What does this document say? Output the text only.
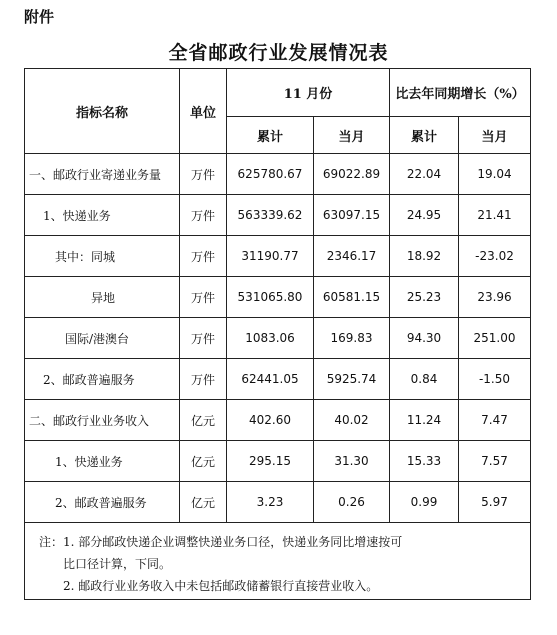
附件
全省邮政行业发展情况表
指标名称	单位	11 月份		比去年同期增长（%）	
		累计	当月	累计	当月
一、邮政行业寄递业务量	万件	625780.67	69022.89	22.04	19.04
1、快递业务	万件	563339.62	63097.15	24.95	21.41
其中：同城	万件	31190.77	2346.17	18.92	-23.02
异地	万件	531065.80	60581.15	25.23	23.96
国际/港澳台	万件	1083.06	169.83	94.30	251.00
2、邮政普遍服务	万件	62441.05	5925.74	0.84	-1.50
二、邮政行业业务收入	亿元	402.60	40.02	11.24	7.47
1、快递业务	亿元	295.15	31.30	15.33	7.57
2、邮政普遍服务	亿元	3.23	0.26	0.99	5.97
注：1. 部分邮政快递企业调整快递业务口径，快递业务同比增速按可
比口径计算，下同。
2. 邮政行业业务收入中未包括邮政储蓄银行直接营业收入。					
